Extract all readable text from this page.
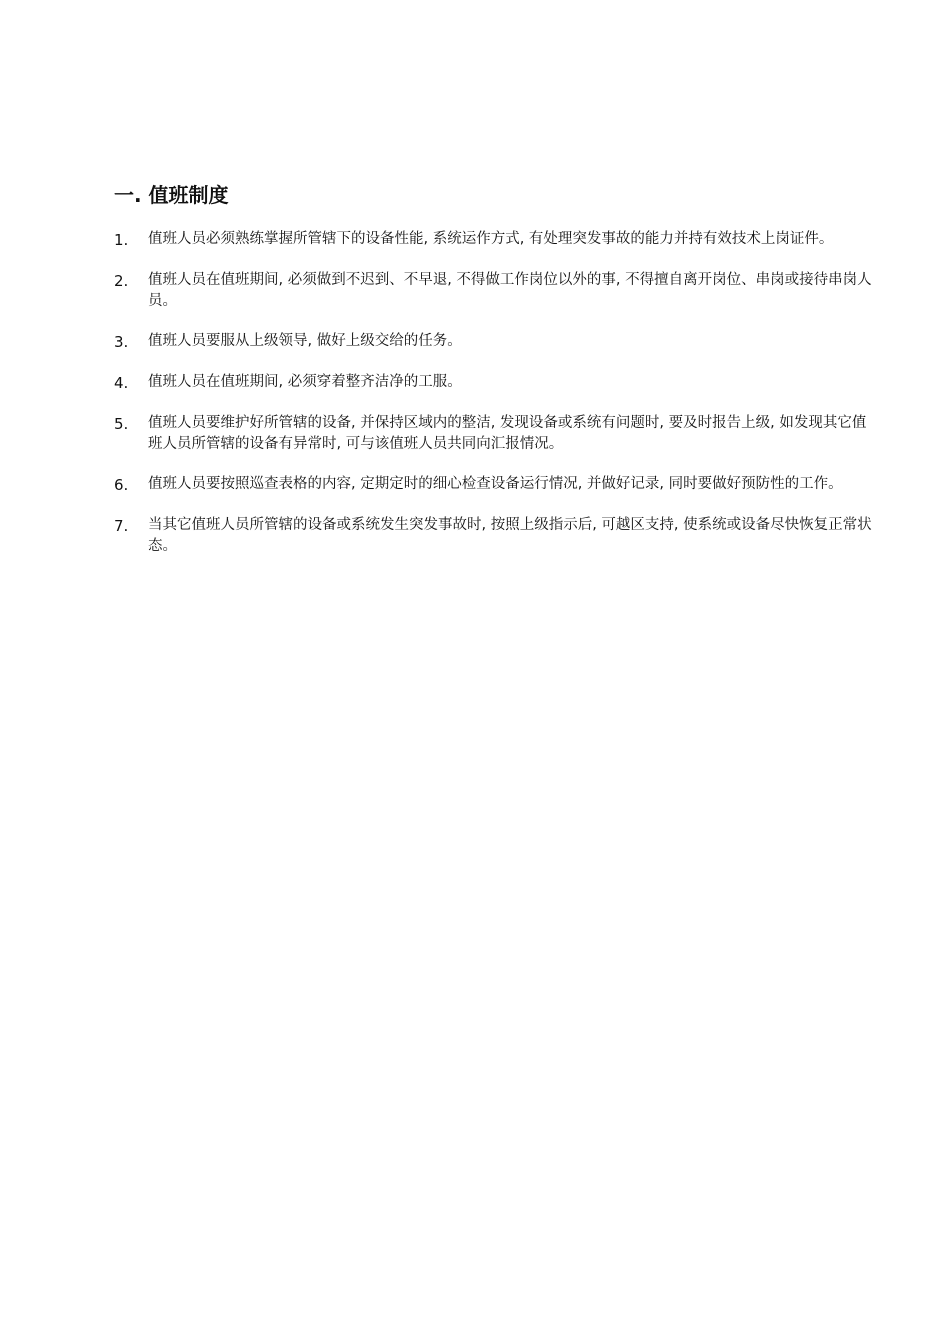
一. 值班制度
1.	值班人员必须熟练掌握所管辖下的设备性能, 系统运作方式, 有处理突发事故的能力并持有效技术上岗证件。
2.	值班人员在值班期间, 必须做到不迟到、不早退, 不得做工作岗位以外的事, 不得擅自离开岗位、串岗或接待串岗人员。
3.	值班人员要服从上级领导, 做好上级交给的任务。
4.	值班人员在值班期间, 必须穿着整齐洁净的工服。
5.	值班人员要维护好所管辖的设备, 并保持区域内的整洁, 发现设备或系统有问题时, 要及时报告上级, 如发现其它值班人员所管辖的设备有异常时, 可与该值班人员共同向汇报情况。
6.	值班人员要按照巡查表格的内容, 定期定时的细心检查设备运行情况, 并做好记录, 同时要做好预防性的工作。
7.	当其它值班人员所管辖的设备或系统发生突发事故时, 按照上级指示后, 可越区支持, 使系统或设备尽快恢复正常状态。
